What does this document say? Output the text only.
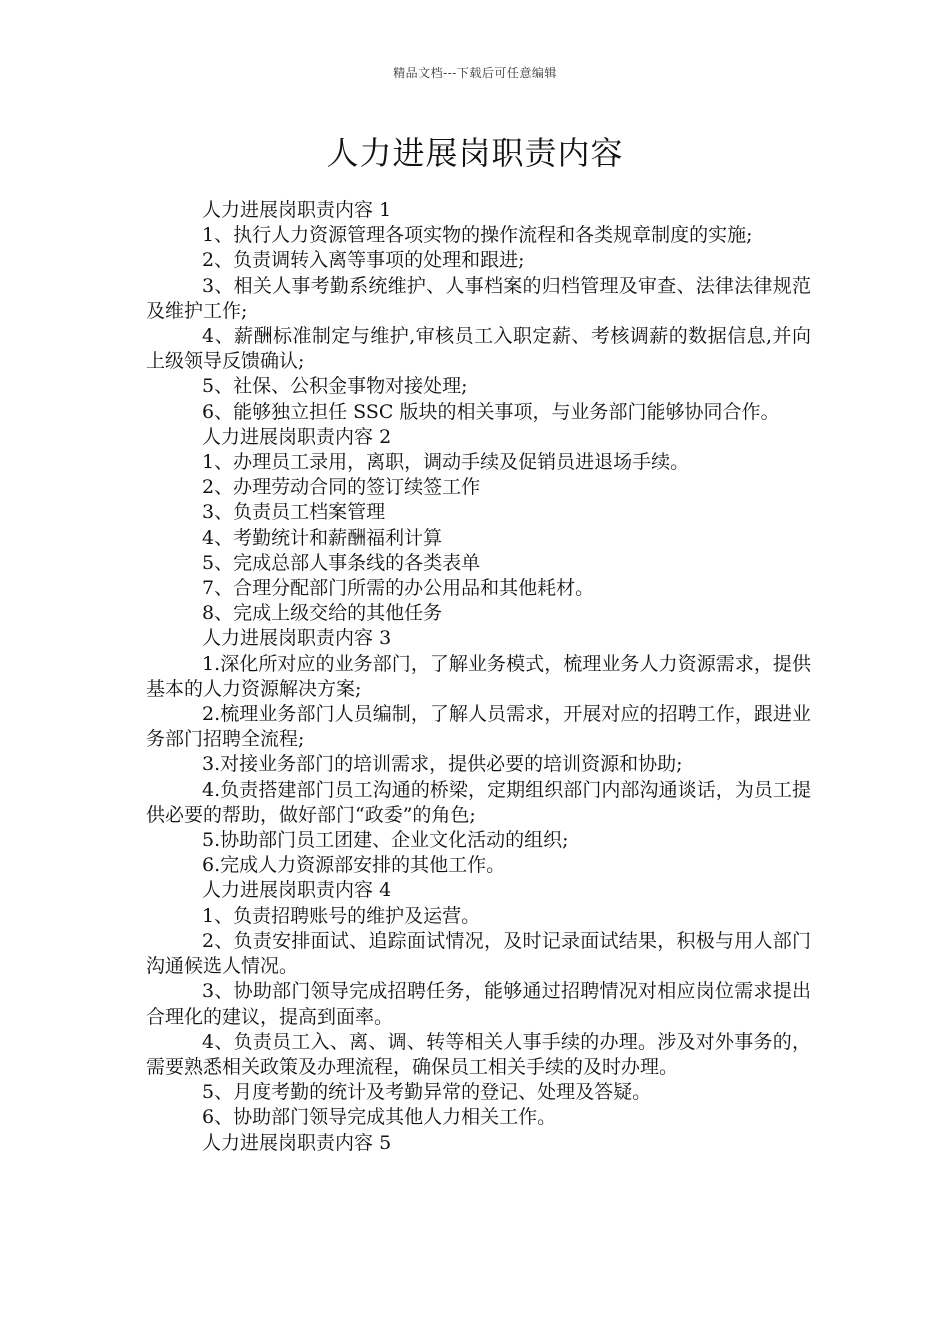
精品文档---下载后可任意编辑
人力进展岗职责内容

人力进展岗职责内容 1

1、执行人力资源管理各项实物的操作流程和各类规章制度的实施;

2、负责调转入离等事项的处理和跟进;

3、相关人事考勤系统维护、人事档案的归档管理及审查、法律法律规范及维护工作;

4、薪酬标准制定与维护,审核员工入职定薪、考核调薪的数据信息,并向上级领导反馈确认;

5、社保、公积金事物对接处理;

6、能够独立担任 SSC 版块的相关事项，与业务部门能够协同合作。

人力进展岗职责内容 2

1、办理员工录用，离职，调动手续及促销员进退场手续。

2、办理劳动合同的签订续签工作

3、负责员工档案管理

4、考勤统计和薪酬福利计算

5、完成总部人事条线的各类表单

7、合理分配部门所需的办公用品和其他耗材。

8、完成上级交给的其他任务

人力进展岗职责内容 3

1.深化所对应的业务部门，了解业务模式，梳理业务人力资源需求，提供基本的人力资源解决方案;

2.梳理业务部门人员编制，了解人员需求，开展对应的招聘工作，跟进业务部门招聘全流程;

3.对接业务部门的培训需求，提供必要的培训资源和协助;

4.负责搭建部门员工沟通的桥梁，定期组织部门内部沟通谈话，为员工提供必要的帮助，做好部门“政委”的角色;

5.协助部门员工团建、企业文化活动的组织;

6.完成人力资源部安排的其他工作。

人力进展岗职责内容 4

1、负责招聘账号的维护及运营。

2、负责安排面试、追踪面试情况，及时记录面试结果，积极与用人部门沟通候选人情况。

3、协助部门领导完成招聘任务，能够通过招聘情况对相应岗位需求提出合理化的建议，提高到面率。

4、负责员工入、离、调、转等相关人事手续的办理。涉及对外事务的，需要熟悉相关政策及办理流程，确保员工相关手续的及时办理。

5、月度考勤的统计及考勤异常的登记、处理及答疑。

6、协助部门领导完成其他人力相关工作。

人力进展岗职责内容 5
